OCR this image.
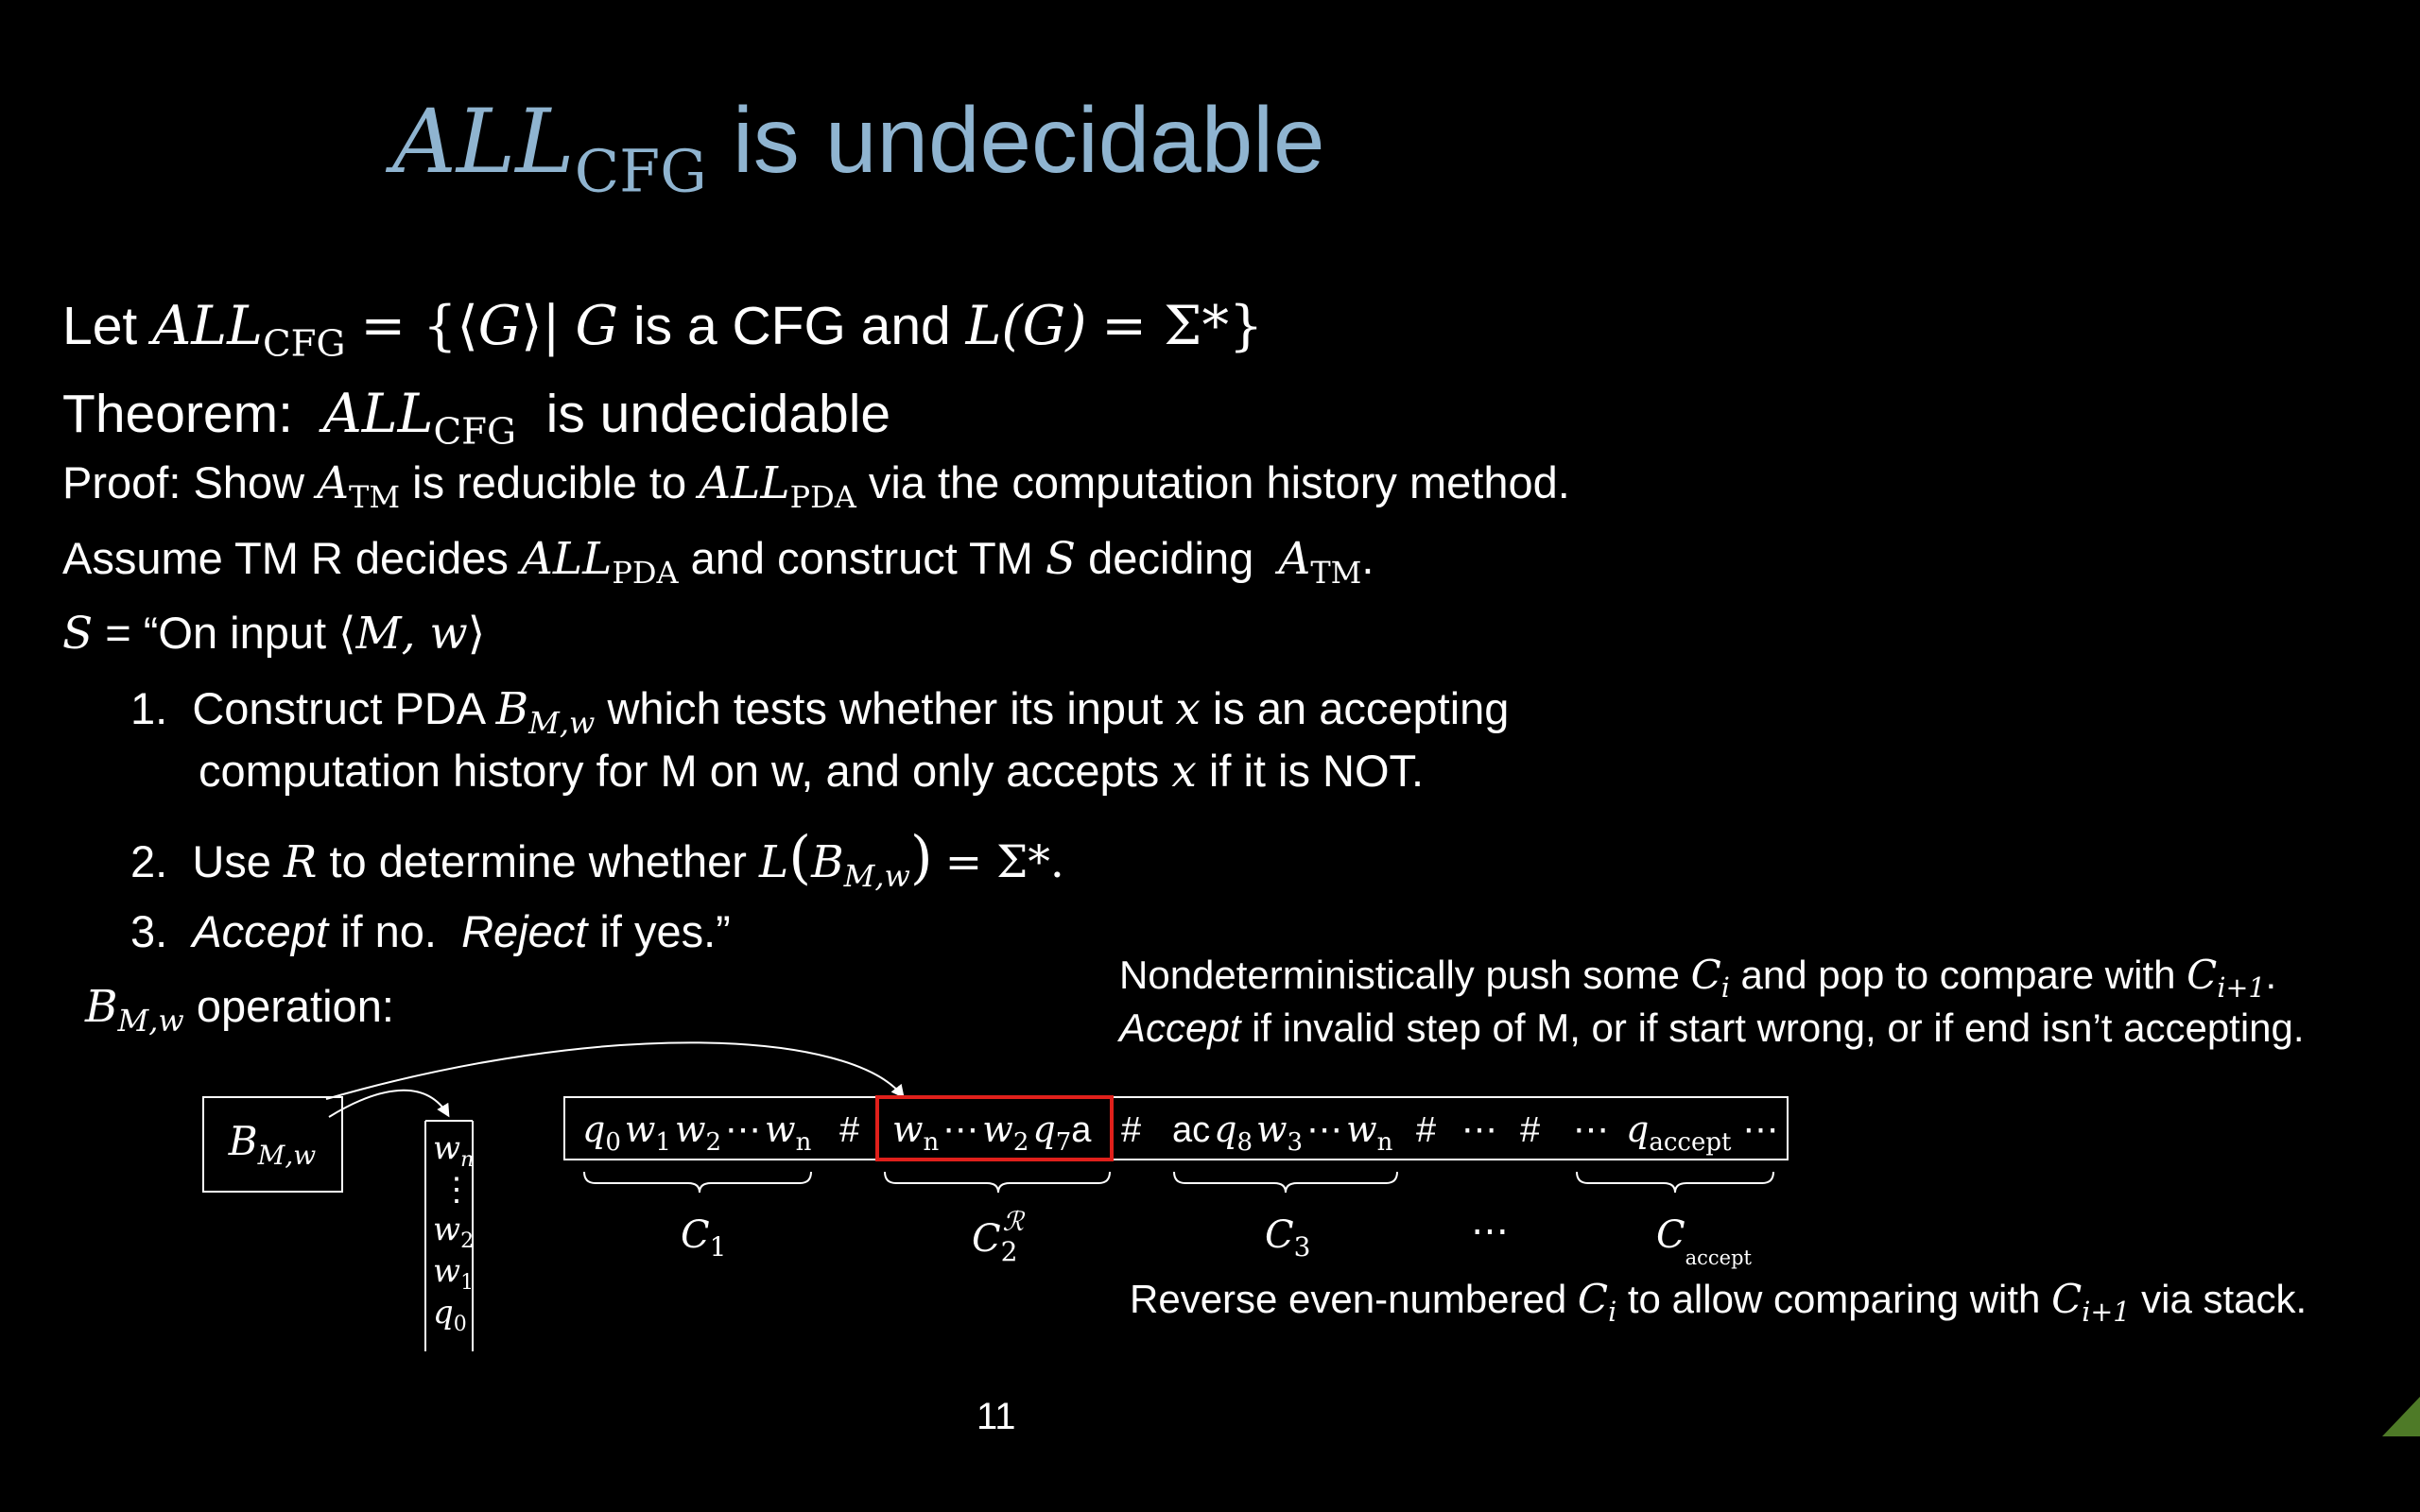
$ALL_{CFG}$ is undecidable
Let $ALL_{CFG}$ = {⟨G⟩| G is a CFG and L(G) = Σ*}
Theorem: $ALL_{CFG}$ is undecidable
Proof: Show $A_{TM}$ is reducible to $ALL_{PDA}$ via the computation history method.
Assume TM R decides $ALL_{PDA}$ and construct TM S deciding $A_{TM}$.
S = “On input ⟨M, w⟩
1. Construct PDA $B_{M,w}$ which tests whether its input x is an accepting
computation history for M on w, and only accepts x if it is NOT.
2. Use R to determine whether $L(B_{M,w}) = \Sigma*$.
3. Accept if no. Reject if yes.”
$B_{M,w}$ operation:
Nondeterministically push some $C_i$ and pop to compare with $C_{i+1}$.
Accept if invalid step of M, or if start wrong, or if end isn’t accepting.
Reverse even-numbered $C_i$ to allow comparing with $C_{i+1}$ via stack.
$B_{M,w}$	$w_n$
⋮
$w_2$
$w_1$
$q_0$
$q_0$ $w_1$ $w_2$ ⋯ $w_n$ # $w_n$ ⋯ $w_2$ $q_7a$ # ac $q_8$ $w_3$ ⋯ $w_n$ # ⋯ # ⋯ $q_{accept}$ ⋯
$C_1$	$C_2ℛ$	$C_3$	⋯	$C_{accept}$
11
